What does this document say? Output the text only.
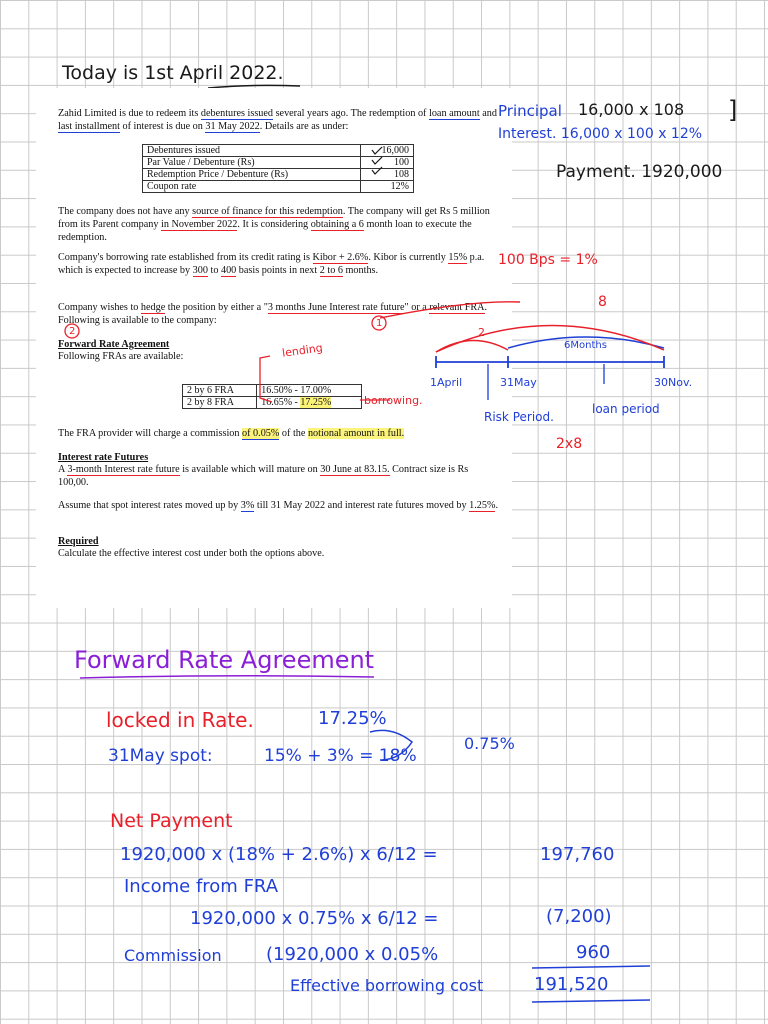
Today is 1st April 2022.

Zahid Limited is due to redeem its debentures issued several years ago. The redemption of loan amount and last installment of interest is due on 31 May 2022. Details are as under:

Debentures issued	16,000
Par Value / Debenture (Rs)	100
Redemption Price / Debenture (Rs)	108
Coupon rate	12%

The company does not have any source of finance for this redemption. The company will get Rs 5 million from its Parent company in November 2022. It is considering obtaining a 6 month loan to execute the redemption.

Company's borrowing rate established from its credit rating is Kibor + 2.6%. Kibor is currently 15% p.a. which is expected to increase by 300 to 400 basis points in next 2 to 6 months.

Company wishes to hedge the position by either a "3 months June Interest rate future" or a relevant FRA. Following is available to the company:

Forward Rate Agreement

Following FRAs are available:

2 by 6 FRA	16.50% - 17.00%
2 by 8 FRA	16.65% - 17.25%

The FRA provider will charge a commission of 0.05% of the notional amount in full.

Interest rate Futures

A 3-month Interest rate future is available which will mature on 30 June at 83.15. Contract size is Rs 100,00.

Assume that spot interest rates moved up by 3% till 31 May 2022 and interest rate futures moved by 1.25%.

Required

Calculate the effective interest cost under both the options above.

Principal 16,000 x 108 ]
Interest. 16,000 x 100 x 12%
Payment. 1920,000
100 Bps = 1%
8
2
6Months
lending
borrowing.
1April	31May	30Nov.
Risk Period.
loan period
2x8
1
2
Forward Rate Agreement
locked in Rate.	17.25%
31May spot:	15% + 3% = 18%
0.75%
Net Payment
1920,000 x (18% + 2.6%) x 6/12 =	197,760
Income from FRA
1920,000 x 0.75% x 6/12 =	(7,200)
Commission (1920,000 x 0.05%	960
Effective borrowing cost	191,520
